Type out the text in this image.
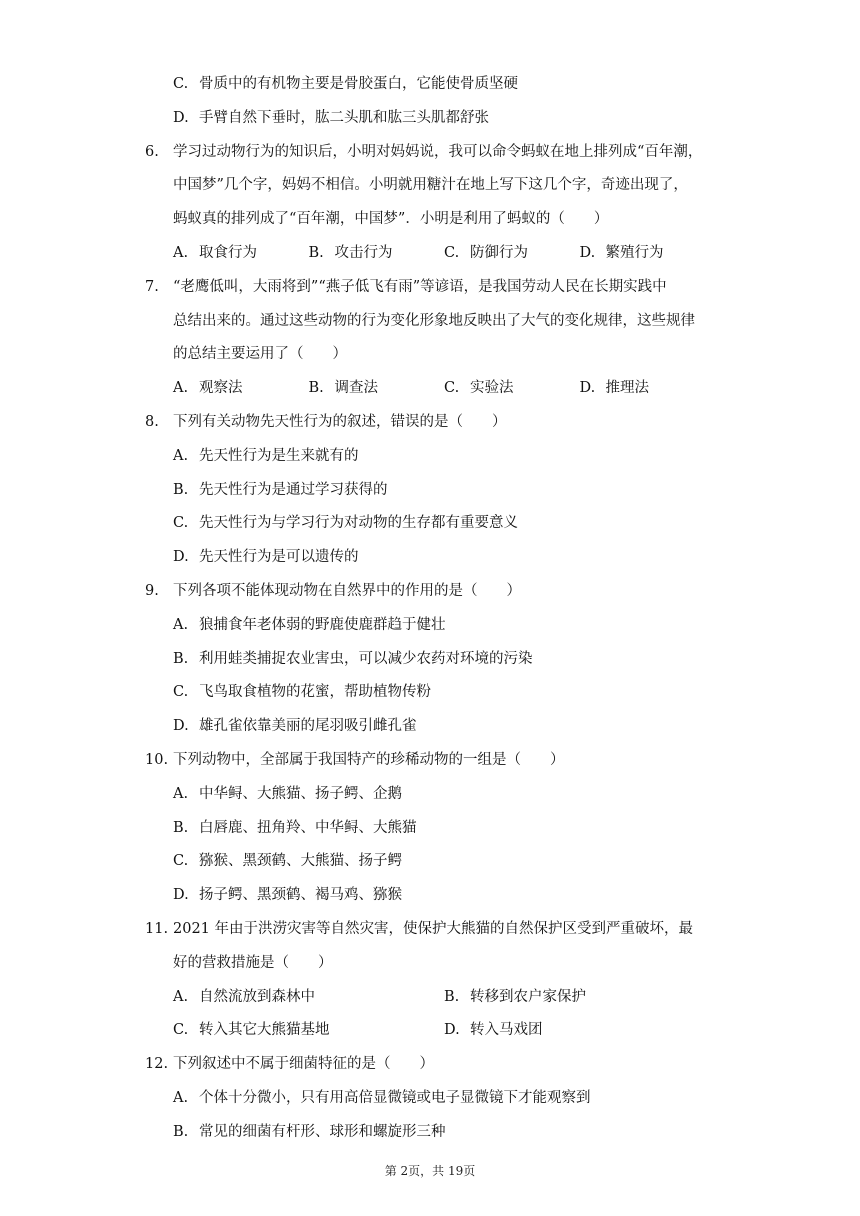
C. 骨质中的有机物主要是骨胶蛋白，它能使骨质坚硬
D. 手臂自然下垂时，肱二头肌和肱三头肌都舒张
6. 学习过动物行为的知识后，小明对妈妈说，我可以命令蚂蚁在地上排列成“百年潮，
中国梦”几个字，妈妈不相信。小明就用糖汁在地上写下这几个字，奇迹出现了，
蚂蚁真的排列成了“百年潮，中国梦”．小明是利用了蚂蚁的（　　）
A. 取食行为	B. 攻击行为	C. 防御行为	D. 繁殖行为
7. “老鹰低叫，大雨将到”“燕子低飞有雨”等谚语，是我国劳动人民在长期实践中
总结出来的。通过这些动物的行为变化形象地反映出了大气的变化规律，这些规律
的总结主要运用了（　　）
A. 观察法	B. 调查法	C. 实验法	D. 推理法
8. 下列有关动物先天性行为的叙述，错误的是（　　）
A. 先天性行为是生来就有的
B. 先天性行为是通过学习获得的
C. 先天性行为与学习行为对动物的生存都有重要意义
D. 先天性行为是可以遗传的
9. 下列各项不能体现动物在自然界中的作用的是（　　）
A. 狼捕食年老体弱的野鹿使鹿群趋于健壮
B. 利用蛙类捕捉农业害虫，可以减少农药对环境的污染
C. 飞鸟取食植物的花蜜，帮助植物传粉
D. 雄孔雀依靠美丽的尾羽吸引雌孔雀
10. 下列动物中，全部属于我国特产的珍稀动物的一组是（　　）
A. 中华鲟、大熊猫、扬子鳄、企鹅
B. 白唇鹿、扭角羚、中华鲟、大熊猫
C. 猕猴、黑颈鹤、大熊猫、扬子鳄
D. 扬子鳄、黑颈鹤、褐马鸡、猕猴
11. 2021 年由于洪涝灾害等自然灾害，使保护大熊猫的自然保护区受到严重破坏，最
好的营救措施是（　　）
A. 自然流放到森林中	B. 转移到农户家保护
C. 转入其它大熊猫基地	D. 转入马戏团
12. 下列叙述中不属于细菌特征的是（　　）
A. 个体十分微小，只有用高倍显微镜或电子显微镜下才能观察到
B. 常见的细菌有杆形、球形和螺旋形三种
第 2页，共 19页
